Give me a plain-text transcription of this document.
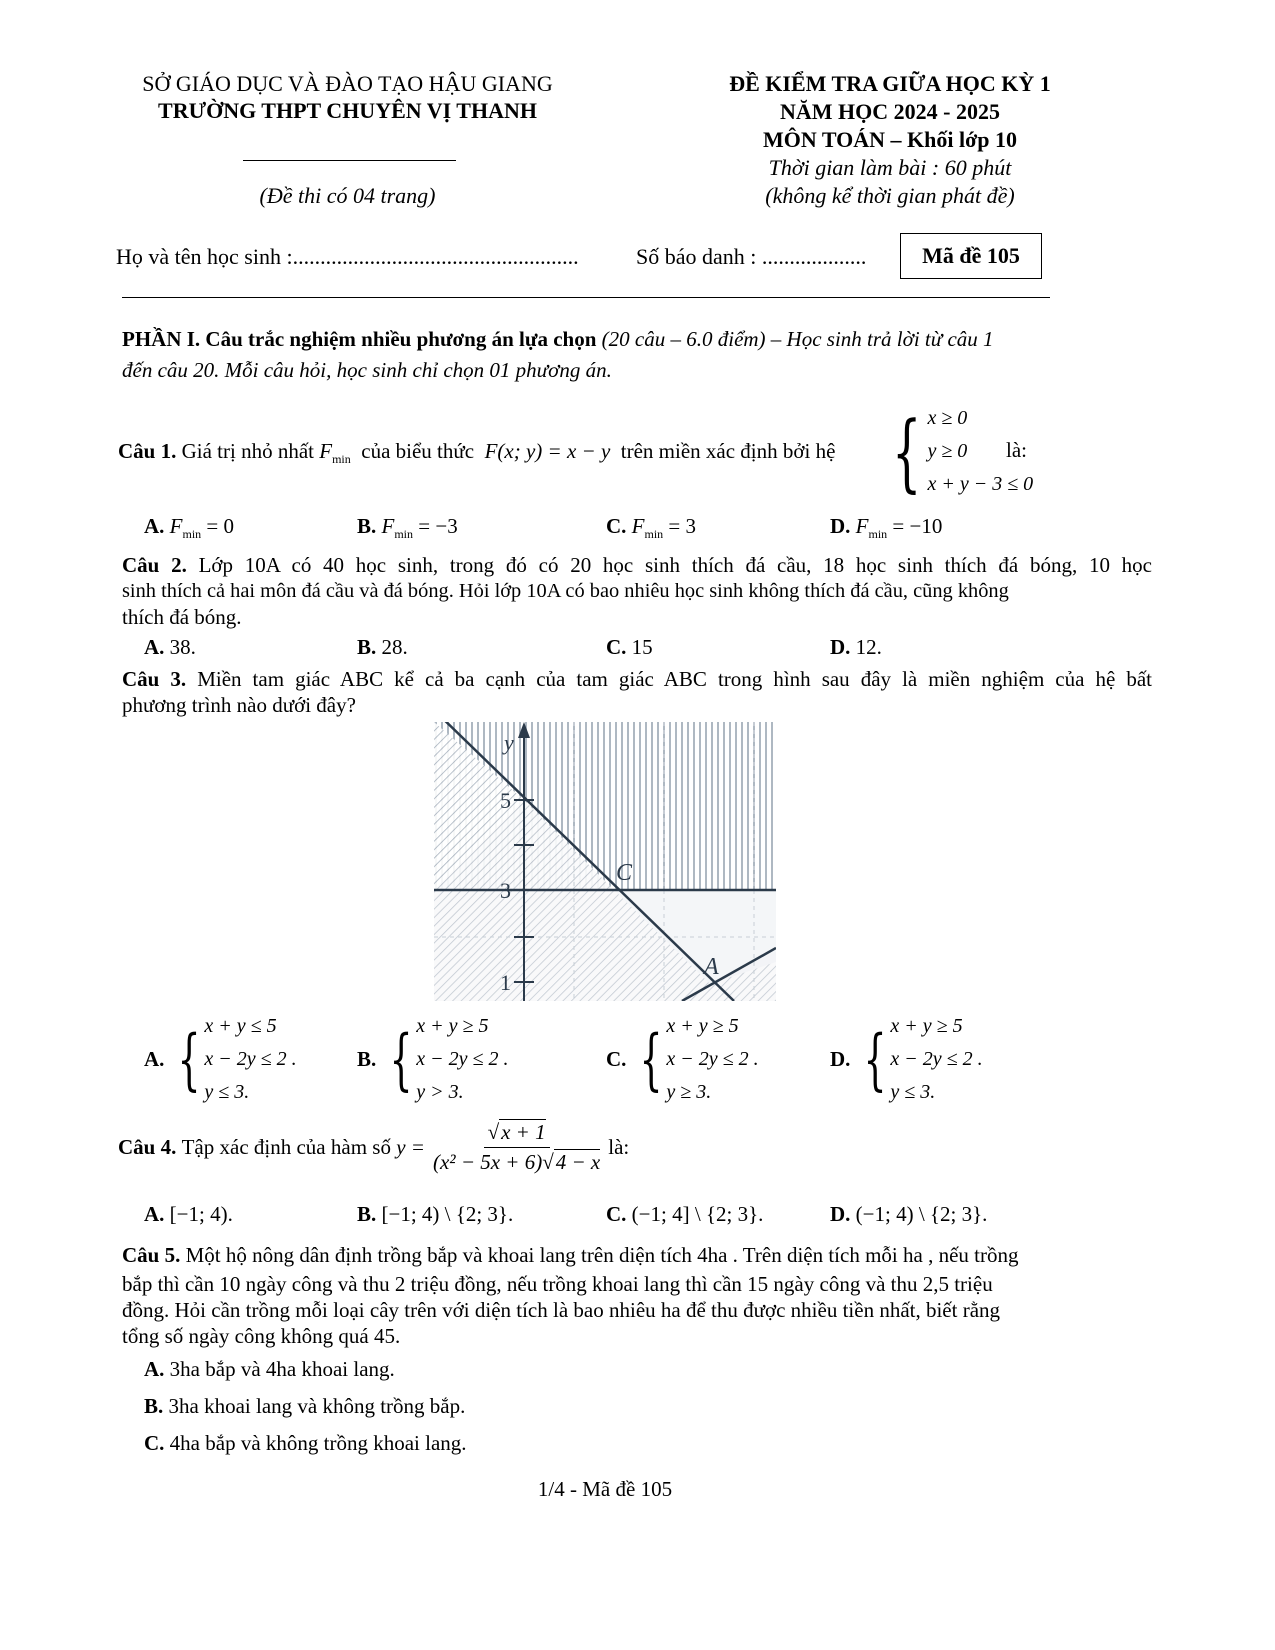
SỞ GIÁO DỤC VÀ ĐÀO TẠO HẬU GIANG
TRƯỜNG THPT CHUYÊN VỊ THANH
(Đề thi có 04 trang)
ĐỀ KIỂM TRA GIỮA HỌC KỲ 1
NĂM HỌC 2024 - 2025
MÔN TOÁN – Khối lớp 10
Thời gian làm bài : 60 phút
(không kể thời gian phát đề)
Họ và tên học sinh :....................................................	Số báo danh : ...................	Mã đề 105
PHẦN I. Câu trắc nghiệm nhiều phương án lựa chọn (20 câu – 6.0 điểm) – Học sinh trả lời từ câu 1
đến câu 20. Mỗi câu hỏi, học sinh chỉ chọn 01 phương án.
Câu 1. Giá trị nhỏ nhất $F_{min}$ của biểu thức F(x; y) = x − y trên miền xác định bởi hệ { x ≥ 0
y ≥ 0
x + y − 3 ≤ 0
là:
A. $F_{min} = 0$	B. $F_{min} = -3$	C. $F_{min} = 3$	D. $F_{min} = -10$
Câu 2. Lớp 10A có 40 học sinh, trong đó có 20 học sinh thích đá cầu, 18 học sinh thích đá bóng, 10 học
sinh thích cả hai môn đá cầu và đá bóng. Hỏi lớp 10A có bao nhiêu học sinh không thích đá cầu, cũng không
thích đá bóng.
A. 38.	B. 28.	C. 15	D. 12.
Câu 3. Miền tam giác ABC kể cả ba cạnh của tam giác ABC trong hình sau đây là miền nghiệm của hệ bất
phương trình nào dưới đây?
y
5
3
1
C
A
A. { x + y ≤ 5
x − 2y ≤ 2 .
y ≤ 3.
B. { x + y ≥ 5
x − 2y ≤ 2 .
y > 3.
C. { x + y ≥ 5
x − 2y ≤ 2 .
y ≥ 3.
D. { x + y ≥ 5
x − 2y ≤ 2 .
y ≤ 3.
Câu 4.
Tập xác định của hàm số
$y = \frac{√x + 1}{\text{(x² − 5x + 6)√4 − x}}$ là:
A. [−1; 4).	B. [−1; 4) \ {2; 3}.	C. (−1; 4] \ {2; 3}.	D. (−1; 4) \ {2; 3}.
Câu 5. Một hộ nông dân định trồng bắp và khoai lang trên diện tích 4ha . Trên diện tích mỗi ha , nếu trồng
bắp thì cần 10 ngày công và thu 2 triệu đồng, nếu trồng khoai lang thì cần 15 ngày công và thu 2,5 triệu
đồng. Hỏi cần trồng mỗi loại cây trên với diện tích là bao nhiêu ha để thu được nhiều tiền nhất, biết rằng
tổng số ngày công không quá 45.
A. 3ha bắp và 4ha khoai lang.
B. 3ha khoai lang và không trồng bắp.
C. 4ha bắp và không trồng khoai lang.
1/4 - Mã đề 105
